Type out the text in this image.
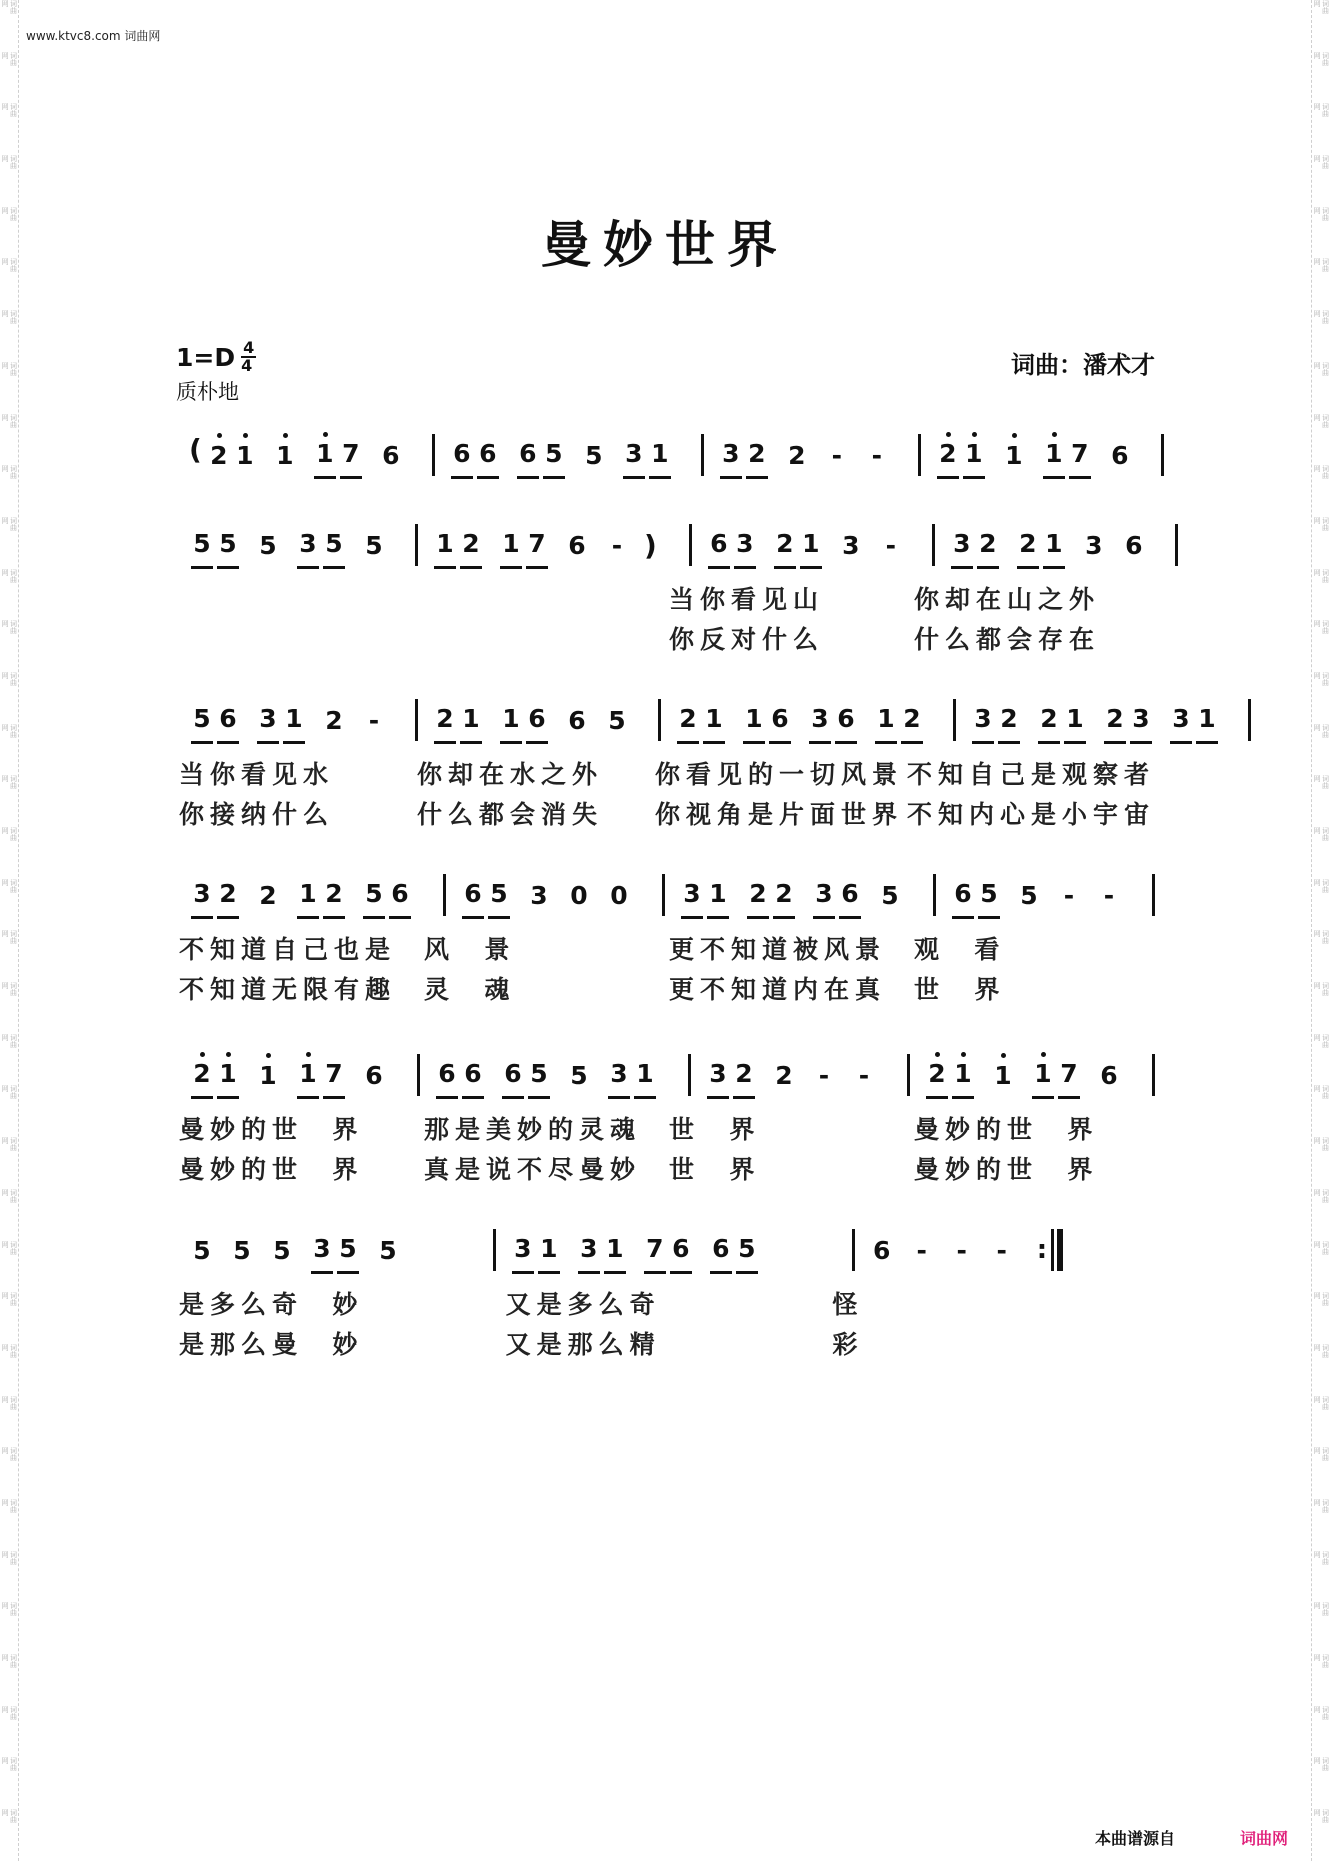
词曲网
词曲网
词曲网
词曲网
词曲网
词曲网
词曲网
词曲网
词曲网
词曲网
词曲网
词曲网
词曲网
词曲网
词曲网
词曲网
词曲网
词曲网
词曲网
词曲网
词曲网
词曲网
词曲网
词曲网
词曲网
词曲网
词曲网
词曲网
词曲网
词曲网
词曲网
词曲网
词曲网
词曲网
词曲网
词曲网
词曲网
词曲网
词曲网
词曲网
词曲网
词曲网
词曲网
词曲网
词曲网
词曲网
词曲网
词曲网
词曲网
词曲网
词曲网
词曲网
词曲网
词曲网
词曲网
词曲网
词曲网
词曲网
词曲网
词曲网
词曲网
词曲网
词曲网
词曲网
词曲网
词曲网
词曲网
词曲网
词曲网
词曲网
词曲网
词曲网
www.ktvc8.com 词曲网
曼妙世界
1=D 4
4
质朴地
词曲：潘术才
( 2 1 1 1 7 6 6 6 6 5 5 3 1 3 2 2 - - 2 1 1 1 7 6
5 5 5 3 5 5 1 2 1 7 6 - ) 6 3 2 1 3 - 3 2 2 1 3 6
当你看见山	你却在山之外
你反对什么	什么都会存在
5 6 3 1 2 - 2 1 1 6 6 5 2 1 1 6 3 6 1 2 3 2 2 1 2 3 3 1
当你看见水	你却在水之外	你看见的一切风景 不知自己是观察者
你接纳什么	什么都会消失	你视角是片面世界 不知内心是小宇宙
3 2 2 1 2 5 6 6 5 3 0 0 3 1 2 2 3 6 5 6 5 5 - -
不知道自己也是	风  景	更不知道被风景	观  看
不知道无限有趣	灵  魂	更不知道内在真	世  界
2 1 1 1 7 6 6 6 6 5 5 3 1 3 2 2 - - 2 1 1 1 7 6
曼妙的世  界	那是美妙的灵魂	世  界	曼妙的世  界
曼妙的世  界	真是说不尽曼妙	世  界	曼妙的世  界
5 5 5 3 5 5	3 1 3 1 7 6 6 5	6 - - - :
是多么奇  妙	又是多么奇	怪
是那么曼  妙	又是那么精	彩
本曲谱源自	词曲网
